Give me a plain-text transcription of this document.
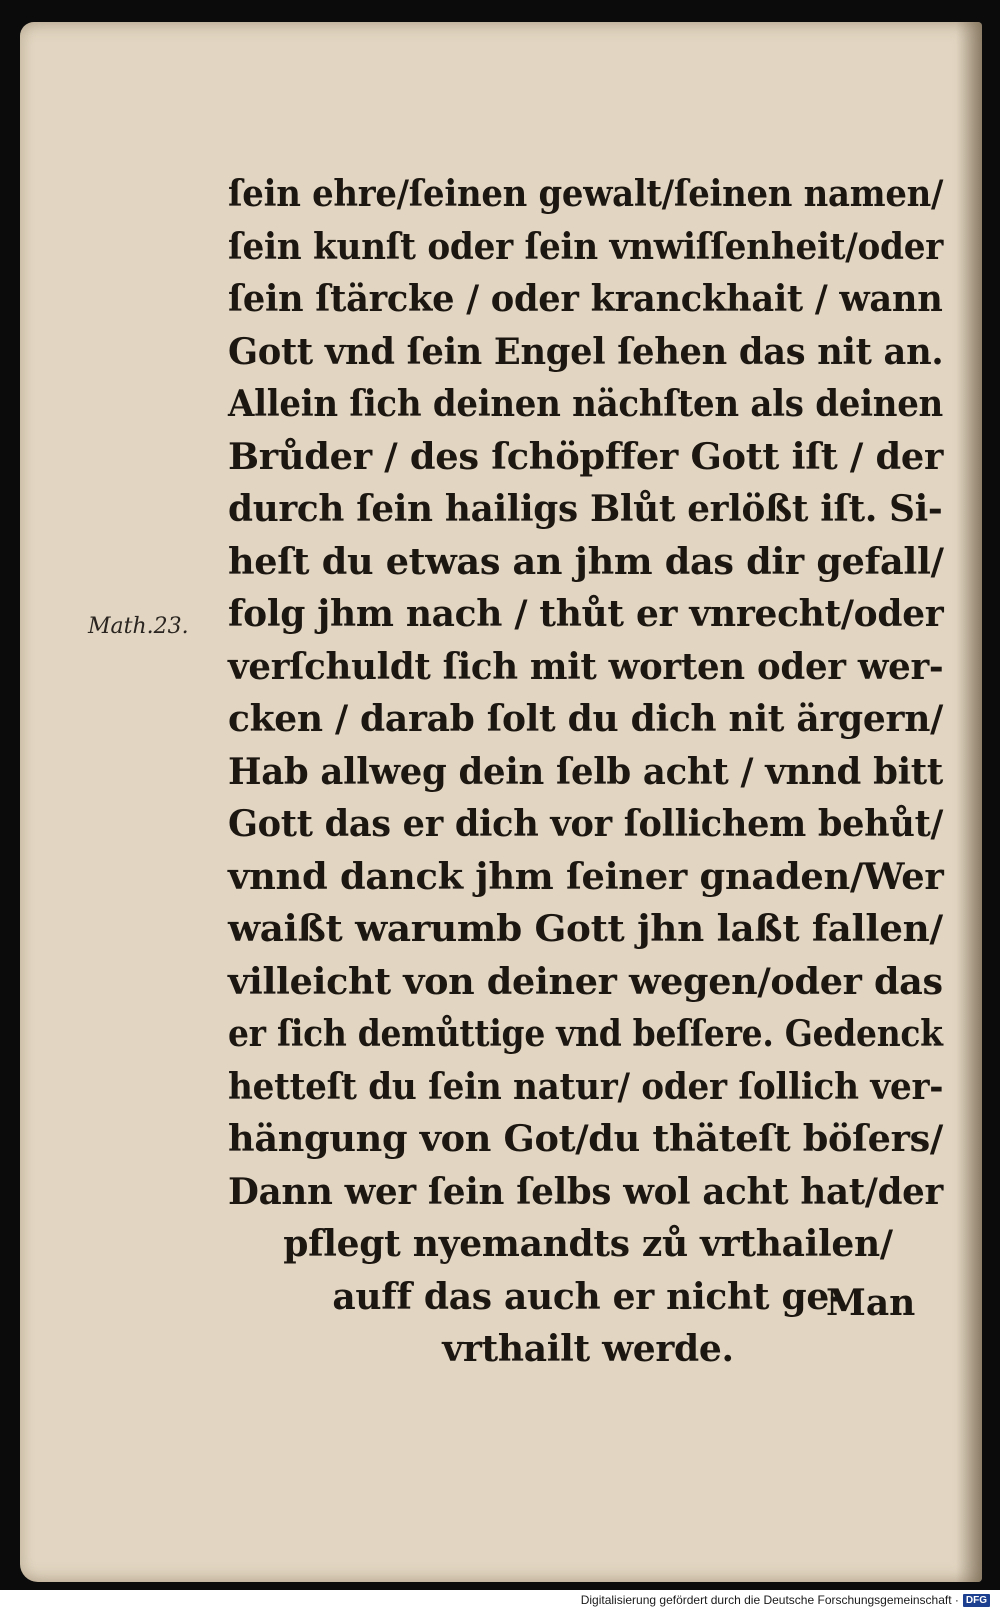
ſein ehre/ſeinen gewalt/ſeinen namen/
ſein kunſt oder ſein vnwiſſenheit/oder
ſein ſtärcke / oder kranckhait / wann
Gott vnd ſein Engel ſehen das nit an.
Allein ſich deinen nächſten als deinen
Brůder / des ſchöpffer Gott iſt / der
durch ſein hailigs Blůt erlößt iſt. Si‑
heſt du etwas an jhm das dir gefall/
folg jhm nach / thůt er vnrecht/oder
verſchuldt ſich mit worten oder wer‑
cken / darab ſolt du dich nit ärgern/
Hab allweg dein ſelb acht / vnnd bitt
Gott das er dich vor ſollichem behůt/
vnnd danck jhm ſeiner gnaden/Wer
waißt warumb Gott jhn laßt fallen/
villeicht von deiner wegen/oder das
er ſich demůttige vnd beſſere. Gedenck
hetteſt du ſein natur/ oder ſollich ver‑
hängung von Got/du thäteſt böſers/
Dann wer ſein ſelbs wol acht hat/der
pflegt nyemandts zů vrthailen/
auff das auch er nicht ge‑
vrthailt werde.
Math.23.
Man
Digitalisierung gefördert durch die Deutsche Forschungsgemeinschaft · DFG
